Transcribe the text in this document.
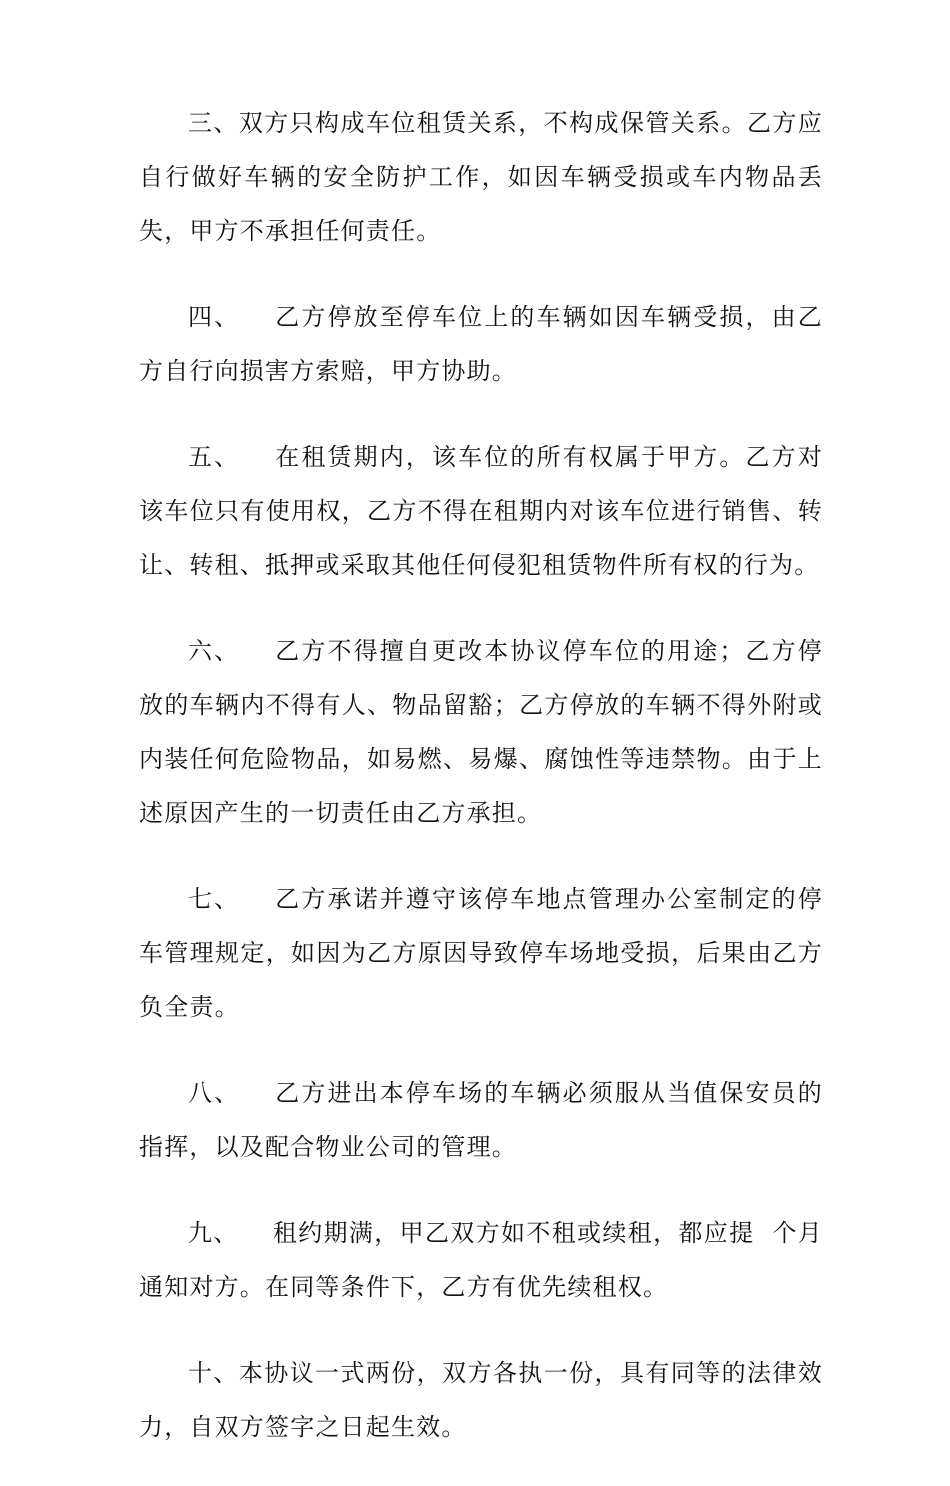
三、双方只构成车位租赁关系，不构成保管关系。乙方应自行做好车辆的安全防护工作，如因车辆受损或车内物品丢失，甲方不承担任何责任。

四、 乙方停放至停车位上的车辆如因车辆受损，由乙方自行向损害方索赔，甲方协助。

五、 在租赁期内，该车位的所有权属于甲方。乙方对该车位只有使用权，乙方不得在租期内对该车位进行销售、转让、转租、抵押或采取其他任何侵犯租赁物件所有权的行为。

六、 乙方不得擅自更改本协议停车位的用途；乙方停放的车辆内不得有人、物品留豁；乙方停放的车辆不得外附或内装任何危险物品，如易燃、易爆、腐蚀性等违禁物。由于上述原因产生的一切责任由乙方承担。

七、 乙方承诺并遵守该停车地点管理办公室制定的停车管理规定，如因为乙方原因导致停车场地受损，后果由乙方负全责。

八、 乙方进出本停车场的车辆必须服从当值保安员的指挥，以及配合物业公司的管理。

九、 租约期满，甲乙双方如不租或续租，都应提  个月通知对方。在同等条件下，乙方有优先续租权。

十、本协议一式两份，双方各执一份，具有同等的法律效力，自双方签字之日起生效。
